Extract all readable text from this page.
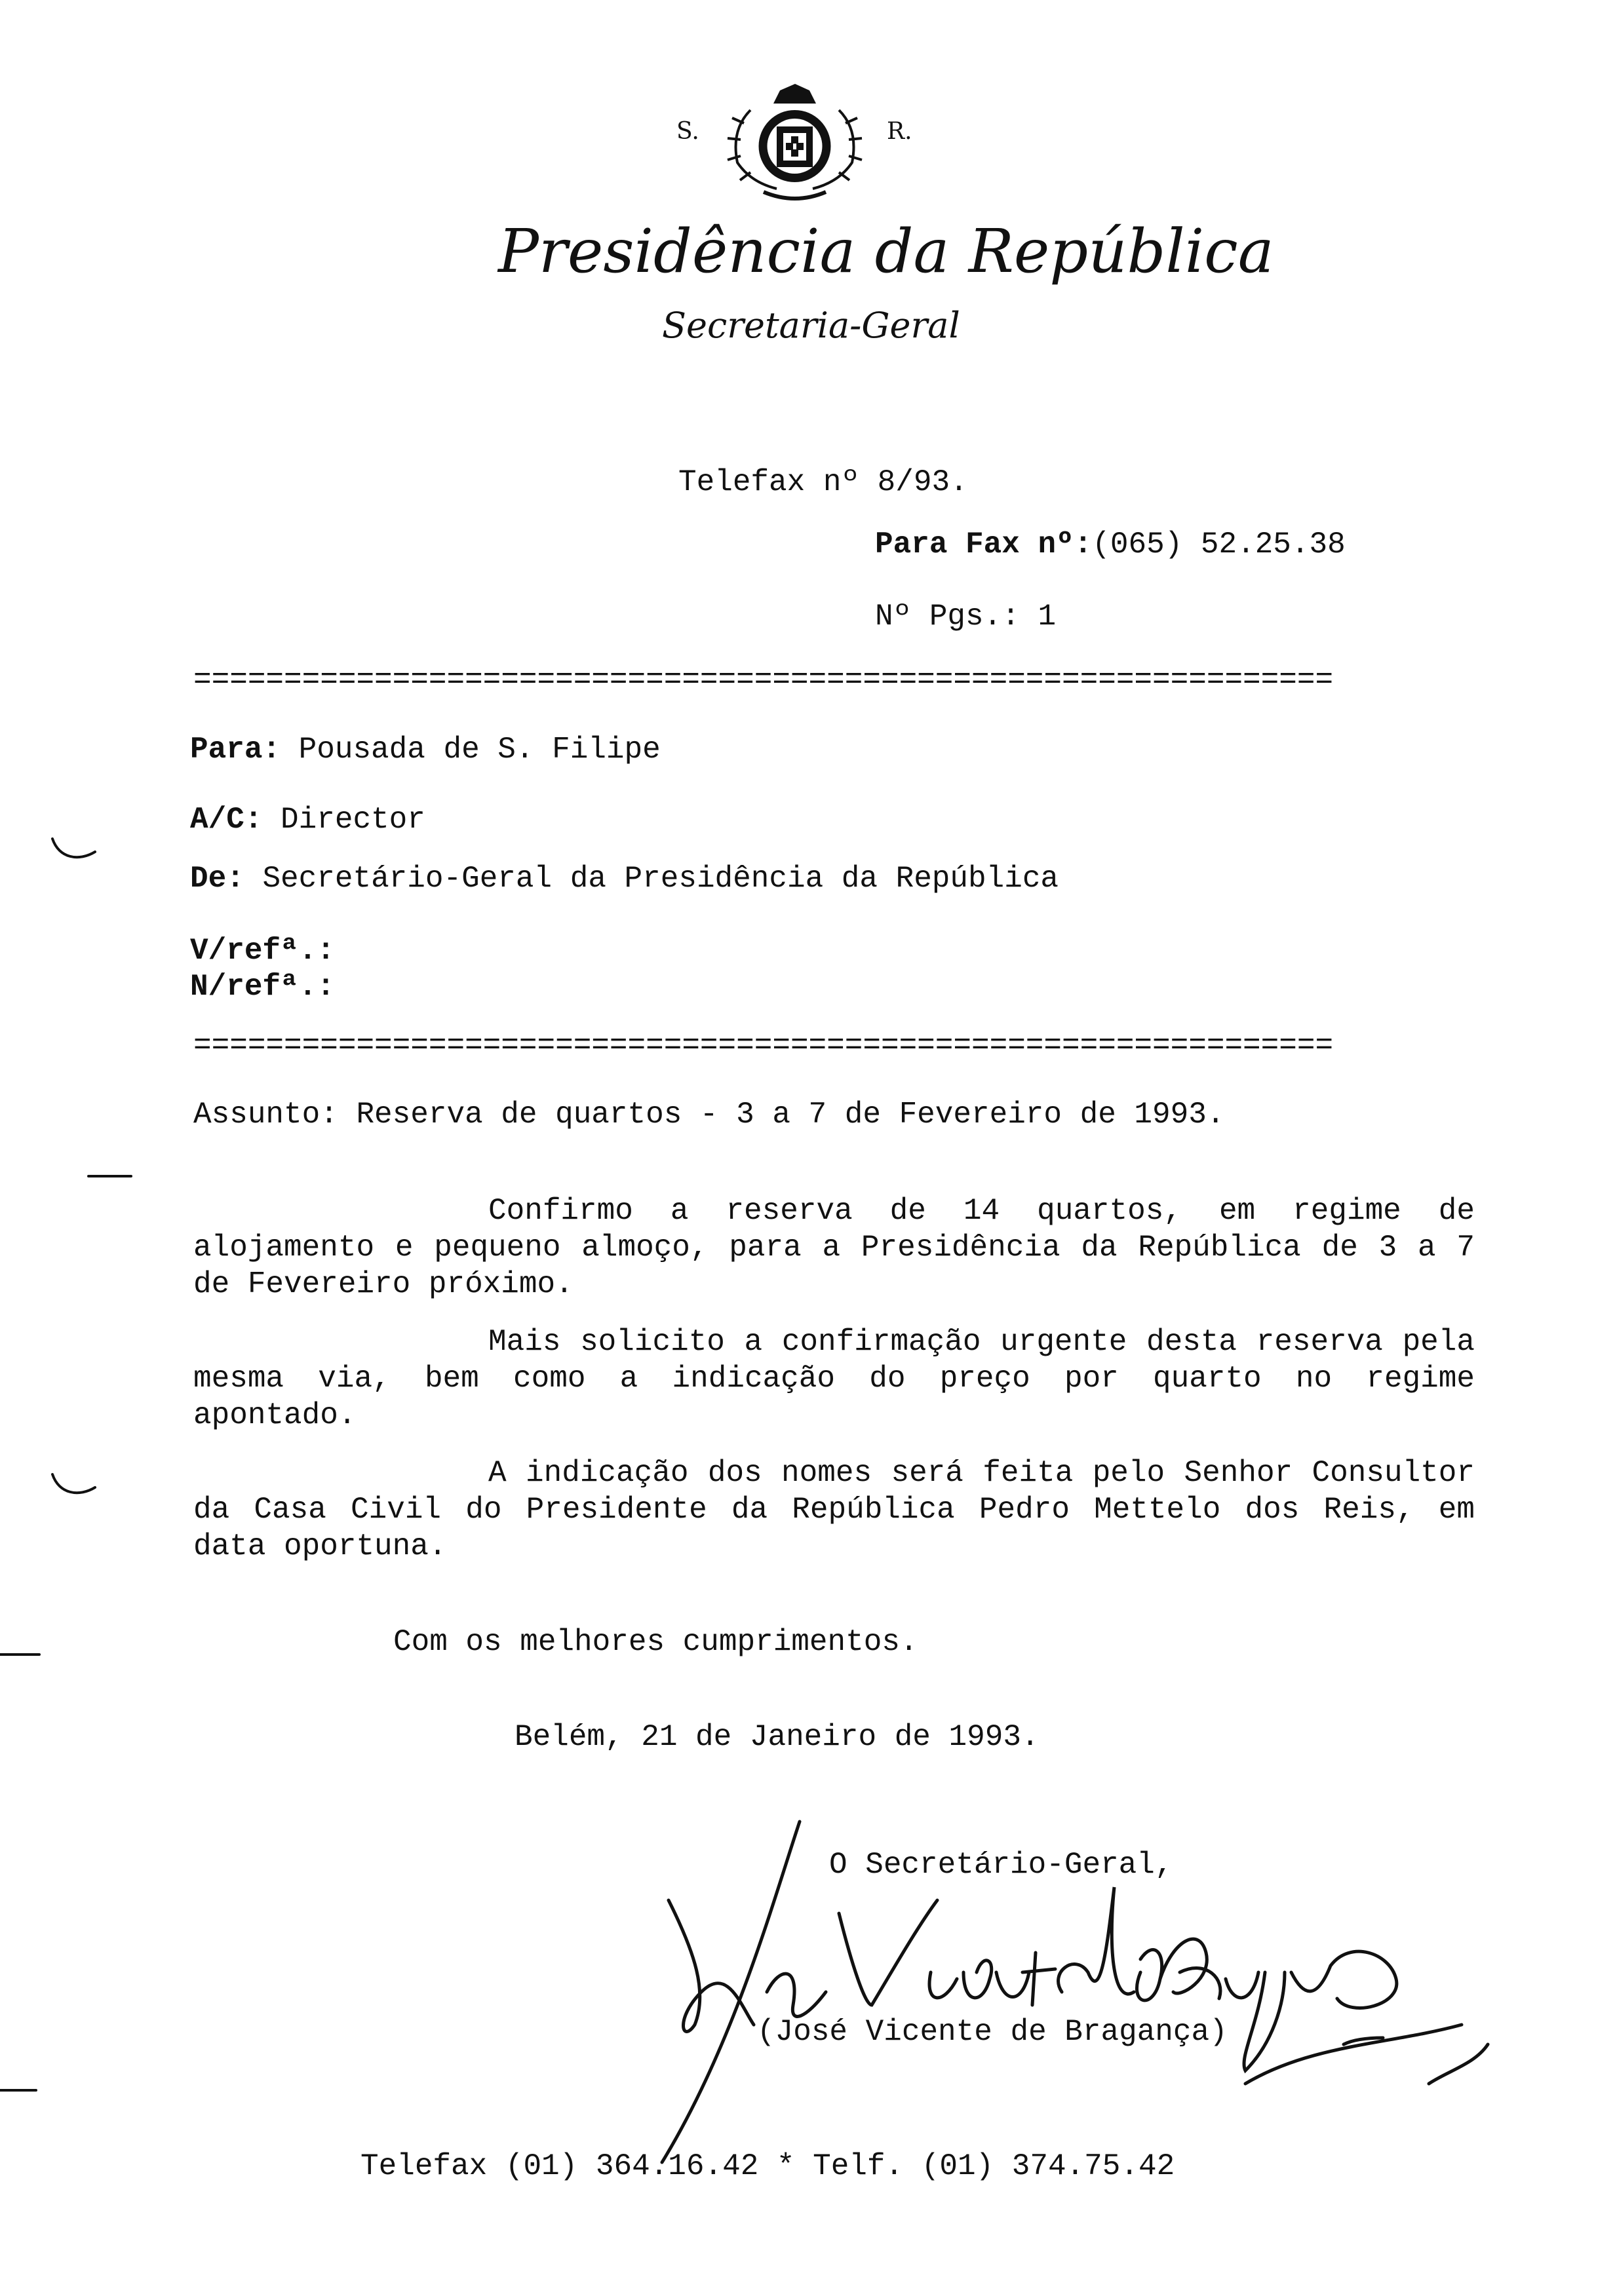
S.	R.
Presidência da República
Secretaria-Geral
Telefax nº 8/93.
Para Fax nº:(065) 52.25.38
Nº Pgs.: 1
===============================================================
Para: Pousada de S. Filipe
A/C: Director
De: Secretário-Geral da Presidência da República
V/refª.:
N/refª.:
===============================================================
Assunto: Reserva de quartos - 3 a 7 de Fevereiro de 1993.
Confirmo a reserva de 14 quartos, em regime de alojamento e pequeno almoço, para a Presidência da República de 3 a 7 de Fevereiro próximo.
Mais solicito a confirmação urgente desta reserva pela mesma via, bem como a indicação do preço por quarto no regime apontado.
A indicação dos nomes será feita pelo Senhor Consultor da Casa Civil do Presidente da República Pedro Mettelo dos Reis, em data oportuna.
Com os melhores cumprimentos.
Belém, 21 de Janeiro de 1993.
O Secretário-Geral,
(José Vicente de Bragança)
Telefax (01) 364.16.42 * Telf. (01) 374.75.42
